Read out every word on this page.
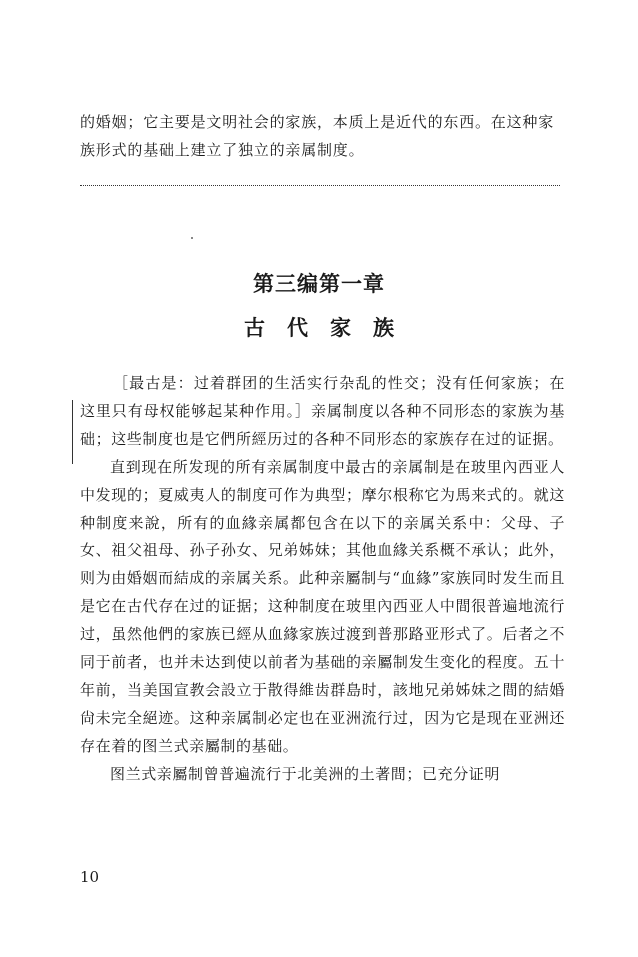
的婚姻；它主要是文明社会的家族，本质上是近代的东西。在这种家族形式的基础上建立了独立的亲属制度。
第三编第一章
古代家族

［最古是：过着群团的生活实行杂乱的性交；没有任何家族；在这里只有母权能够起某种作用。］亲属制度以各种不同形态的家族为基础；这些制度也是它們所經历过的各种不同形态的家族存在过的证据。

直到现在所发现的所有亲属制度中最古的亲属制是在玻里內西亚人中发现的；夏威夷人的制度可作为典型；摩尔根称它为馬来式的。就这种制度来說，所有的血緣亲属都包含在以下的亲属关系中：父母、子女、祖父祖母、孙子孙女、兄弟姊妹；其他血緣关系概不承认；此外，则为由婚姻而結成的亲属关系。此种亲屬制与“血緣”家族同时发生而且是它在古代存在过的证据；这种制度在玻里內西亚人中間很普遍地流行过，虽然他們的家族已經从血緣家族过渡到普那路亚形式了。后者之不同于前者，也并未达到使以前者为基础的亲屬制发生变化的程度。五十年前，当美国宣教会設立于散得維齿群島时，該地兄弟姊妹之間的結婚尙未完全絕迹。这种亲属制必定也在亚洲流行过，因为它是现在亚洲还存在着的图兰式亲屬制的基础。

图兰式亲屬制曾普遍流行于北美洲的土著間；已充分证明

10
